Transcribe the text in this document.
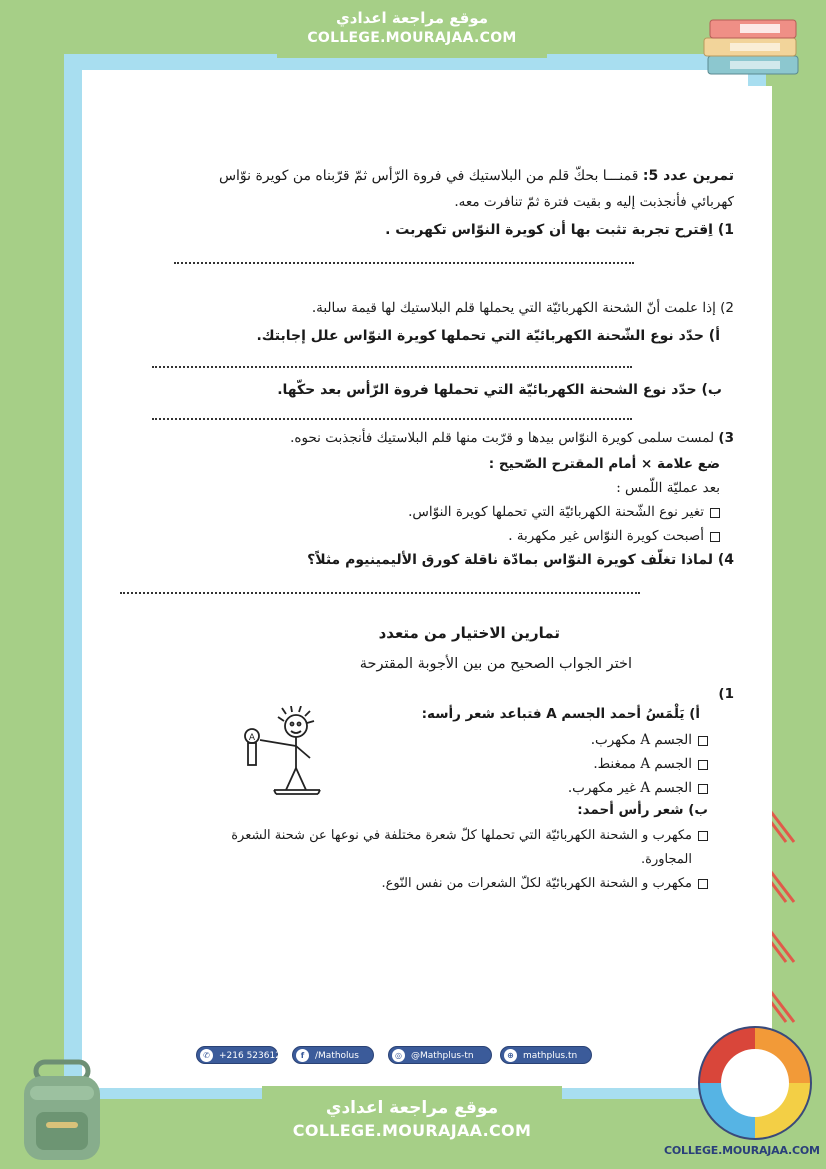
موقع مراجعة اعدادي
COLLEGE.MOURAJAA.COM
تمرين عدد 5: قمنـــا بحكّ قلم من البلاستيك في فروة الرّأس ثمّ قرّبناه من كويرة نوّاس
كهربائي فأنجذبت إليه و بقيت فترة ثمّ تنافرت معه.
1) اِقترح تجربة تثبت بها أن كويرة النوّاس تكهربت .
2) إذا علمت أنّ الشحنة الكهربائيّة التي يحملها قلم البلاستيك لها قيمة سالبة.
أ) حدّد نوع الشّحنة الكهربائيّة التي تحملها كويرة النوّاس علل إجابتك.
ب) حدّد نوع الشحنة الكهربائيّة التي تحملها فروة الرّأس بعد حكّها.
3) لمست سلمى كويرة النوّاس بيدها و قرّبت منها قلم البلاستيك فأنجذبت نحوه.
ضع علامة × أمام المقترح الصّحيح :
بعد عمليّة اللّمس :
تغير نوع الشّحنة الكهربائيّة التي تحملها كويرة النوّاس.
أصبحت كويرة النوّاس غير مكهربة .
4) لماذا تغلّف كويرة النوّاس بمادّة ناقلة كورق الأليمينيوم مثلاً؟
تمارين الاختيار من متعدد
اختر الجواب الصحيح من بين الأجوبة المقترحة
1)
أ) يَلْمَسُ أحمد الجسم A فتباعد شعر رأسه:
الجسم A مكهرب.
الجسم A ممغنط.
الجسم A غير مكهرب.
A
ب) شعر رأس أحمد:
مكهرب و الشحنة الكهربائيّة التي تحملها كلّ شعرة مختلفة في نوعها عن شحنة الشعرة
المجاورة.
مكهرب و الشحنة الكهربائيّة لكلّ الشعرات من نفس النّوع.
✆	+216 52361249	f	/Matholus	◎	@Mathplus-tn	⊕	mathplus.tn
موقع مراجعة اعدادي
COLLEGE.MOURAJAA.COM
COLLEGE.MOURAJAA.COM
